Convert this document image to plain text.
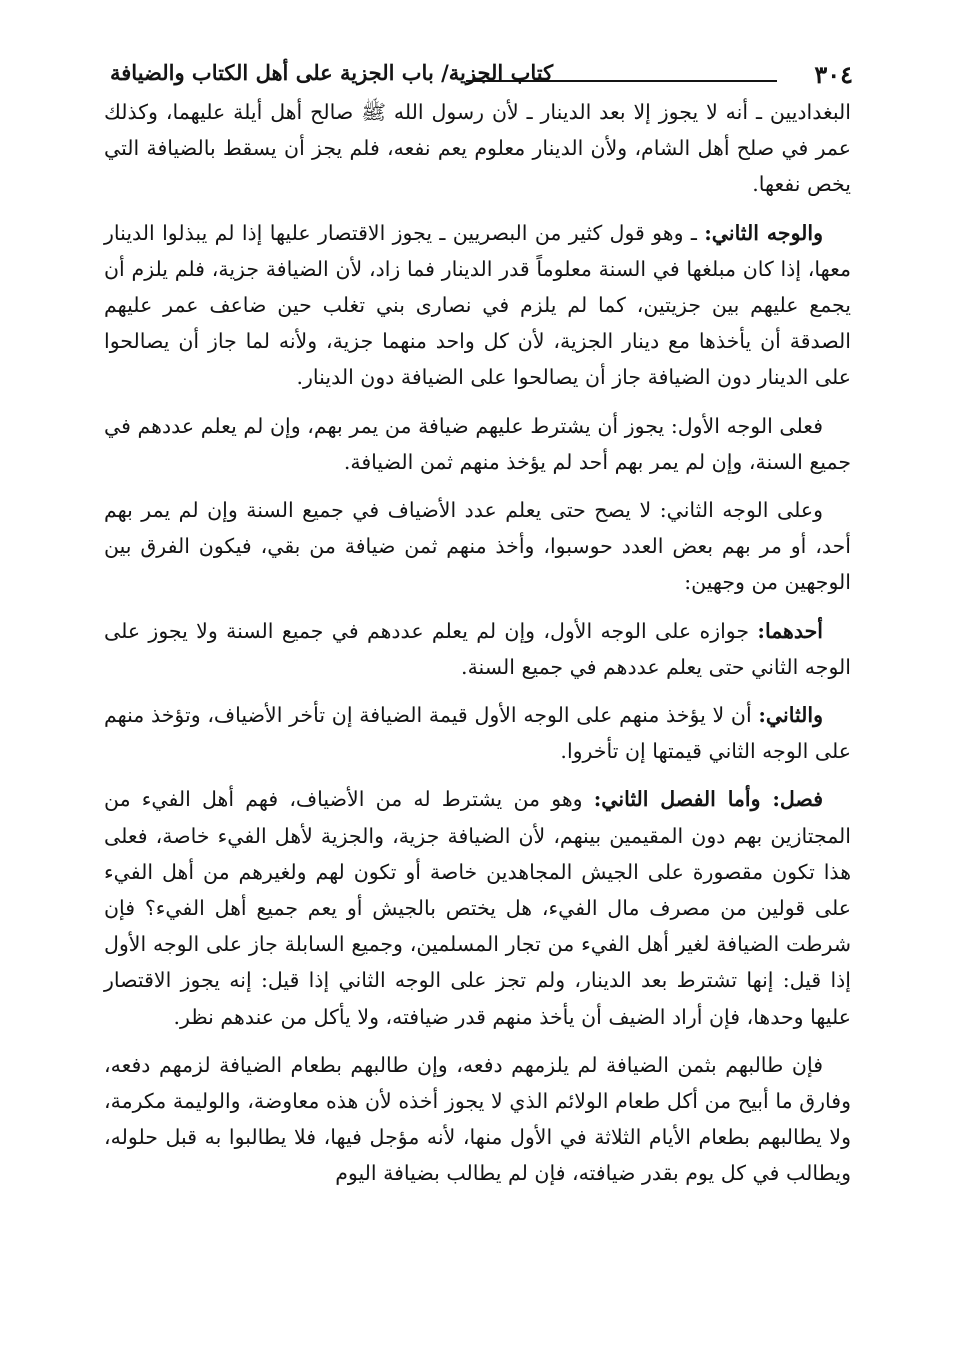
٣٠٤
كتاب الجزية/ باب الجزية على أهل الكتاب والضيافة

البغداديين ـ أنه لا يجوز إلا بعد الدينار ـ لأن رسول الله ﷺ صالح أهل أيلة عليهما، وكذلك عمر في صلح أهل الشام، ولأن الدينار معلوم يعم نفعه، فلم يجز أن يسقط بالضيافة التي يخص نفعها.

والوجه الثاني: ـ وهو قول كثير من البصريين ـ يجوز الاقتصار عليها إذا لم يبذلوا الدينار معها، إذا كان مبلغها في السنة معلوماً قدر الدينار فما زاد، لأن الضيافة جزية، فلم يلزم أن يجمع عليهم بين جزيتين، كما لم يلزم في نصارى بني تغلب حين ضاعف عمر عليهم الصدقة أن يأخذها مع دينار الجزية، لأن كل واحد منهما جزية، ولأنه لما جاز أن يصالحوا على الدينار دون الضيافة جاز أن يصالحوا على الضيافة دون الدينار.

فعلى الوجه الأول: يجوز أن يشترط عليهم ضيافة من يمر بهم، وإن لم يعلم عددهم في جميع السنة، وإن لم يمر بهم أحد لم يؤخذ منهم ثمن الضيافة.

وعلى الوجه الثاني: لا يصح حتى يعلم عدد الأضياف في جميع السنة وإن لم يمر بهم أحد، أو مر بهم بعض العدد حوسبوا، وأخذ منهم ثمن ضيافة من بقي، فيكون الفرق بين الوجهين من وجهين:

أحدهما: جوازه على الوجه الأول، وإن لم يعلم عددهم في جميع السنة ولا يجوز على الوجه الثاني حتى يعلم عددهم في جميع السنة.

والثاني: أن لا يؤخذ منهم على الوجه الأول قيمة الضيافة إن تأخر الأضياف، وتؤخذ منهم على الوجه الثاني قيمتها إن تأخروا.

فصل: وأما الفصل الثاني: وهو من يشترط له من الأضياف، فهم أهل الفيء من المجتازين بهم دون المقيمين بينهم، لأن الضيافة جزية، والجزية لأهل الفيء خاصة، فعلى هذا تكون مقصورة على الجيش المجاهدين خاصة أو تكون لهم ولغيرهم من أهل الفيء على قولين من مصرف مال الفيء، هل يختص بالجيش أو يعم جميع أهل الفيء؟ فإن شرطت الضيافة لغير أهل الفيء من تجار المسلمين، وجميع السابلة جاز على الوجه الأول إذا قيل: إنها تشترط بعد الدينار، ولم تجز على الوجه الثاني إذا قيل: إنه يجوز الاقتصار عليها وحدها، فإن أراد الضيف أن يأخذ منهم قدر ضيافته، ولا يأكل من عندهم نظر.

فإن طالبهم بثمن الضيافة لم يلزمهم دفعه، وإن طالبهم بطعام الضيافة لزمهم دفعه، وفارق ما أبيح من أكل طعام الولائم الذي لا يجوز أخذه لأن هذه معاوضة، والوليمة مكرمة، ولا يطالبهم بطعام الأيام الثلاثة في الأول منها، لأنه مؤجل فيها، فلا يطالبوا به قبل حلوله، ويطالب في كل يوم بقدر ضيافته، فإن لم يطالب بضيافة اليوم
